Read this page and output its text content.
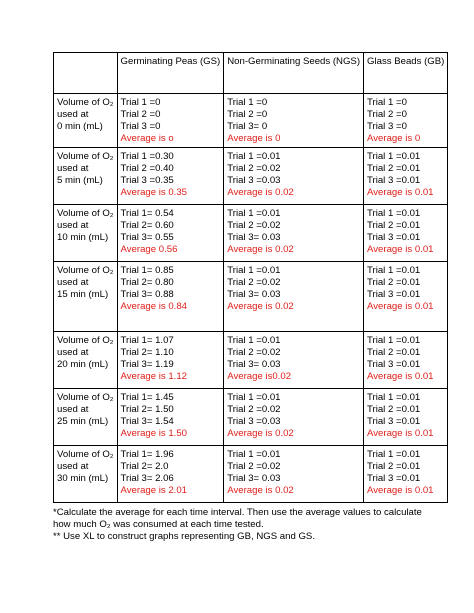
	Germinating Peas (GS)	Non-Germinating Seeds (NGS)	Glass Beads (GB)

Volume of O₂
used at
0 min (mL)	Trial 1 =0
Trial 2 =0
Trial 3 =0
Average is o	Trial 1 =0
Trial 2 =0
Trial 3= 0
Average is 0	Trial 1 =0
Trial 2 =0
Trial 3 =0
Average is 0

Volume of O₂
used at
5 min (mL)	Trial 1 =0.30
Trial 2 =0.40
Trial 3 =0.35
Average is 0.35	Trial 1 =0.01
Trial 2 =0.02
Trial 3 =0.03
Average is 0.02	Trial 1 =0.01
Trial 2 =0.01
Trial 3 =0.01
Average is 0.01

Volume of O₂
used at
10 min (mL)	Trial 1= 0.54
Trial 2= 0.60
Trial 3= 0.55
Average 0.56	Trial 1 =0.01
Trial 2 =0.02
Trial 3= 0.03
Average is 0.02	Trial 1 =0.01
Trial 2 =0.01
Trial 3 =0.01
Average is 0.01

Volume of O₂
used at
15 min (mL)	Trial 1= 0.85
Trial 2= 0.80
Trial 3= 0.88
Average is 0.84	Trial 1 =0.01
Trial 2 =0.02
Trial 3= 0.03
Average is 0.02	Trial 1 =0.01
Trial 2 =0.01
Trial 3 =0.01
Average is 0.01

Volume of O₂
used at
20 min (mL)	Trial 1= 1.07
Trial 2= 1.10
Trial 3= 1.19
Average is 1.12	Trial 1 =0.01
Trial 2 =0.02
Trial 3= 0.03
Average is0.02	Trial 1 =0.01
Trial 2 =0.01
Trial 3 =0.01
Average is 0.01

Volume of O₂
used at
25 min (mL)	Trial 1= 1.45
Trial 2= 1.50
Trial 3= 1.54
Average is 1.50	Trial 1 =0.01
Trial 2 =0.02
Trial 3 =0.03
Average is 0.02	Trial 1 =0.01
Trial 2 =0.01
Trial 3 =0.01
Average is 0.01

Volume of O₂
used at
30 min (mL)	Trial 1= 1.96
Trial 2= 2.0
Trial 3= 2.06
Average is 2.01	Trial 1 =0.01
Trial 2 =0.02
Trial 3= 0.03
Average is 0.02	Trial 1 =0.01
Trial 2 =0.01
Trial 3 =0.01
Average is 0.01

*Calculate the average for each time interval. Then use the average values to calculate how much O₂ was consumed at each time tested.

** Use XL to construct graphs representing GB, NGS and GS.
